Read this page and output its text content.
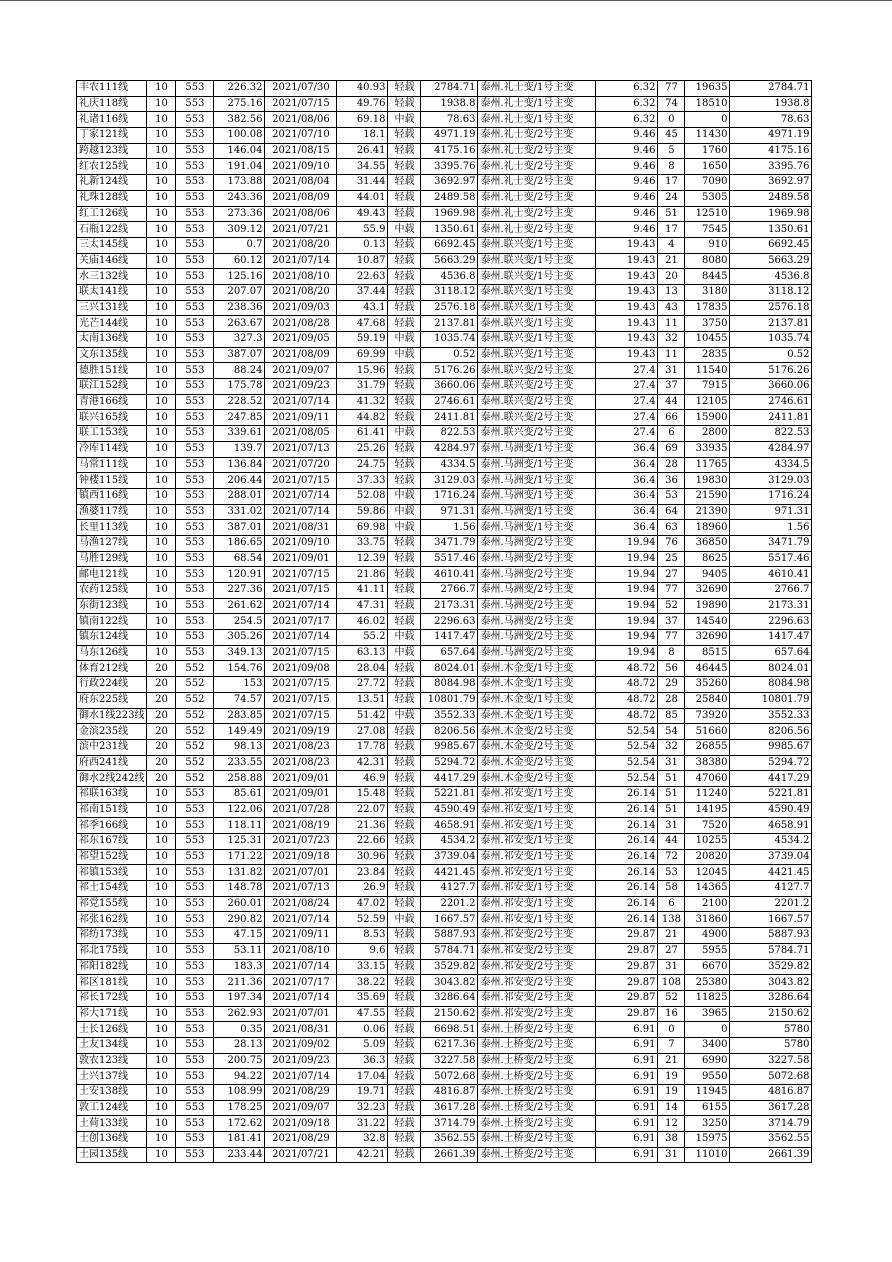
丰农111线	10	553	226.32	2021/07/30	40.93	轻载	2784.71	泰州.礼士变/1号主变	6.32	77	19635	2784.71
礼庆118线	10	553	275.16	2021/07/15	49.76	轻载	1938.8	泰州.礼士变/1号主变	6.32	74	18510	1938.8
礼诸116线	10	553	382.56	2021/08/06	69.18	中载	78.63	泰州.礼士变/1号主变	6.32	0	0	78.63
丁家121线	10	553	100.08	2021/07/10	18.1	轻载	4971.19	泰州.礼士变/2号主变	9.46	45	11430	4971.19
跨越123线	10	553	146.04	2021/08/15	26.41	轻载	4175.16	泰州.礼士变/2号主变	9.46	5	1760	4175.16
红农125线	10	553	191.04	2021/09/10	34.55	轻载	3395.76	泰州.礼士变/2号主变	9.46	8	1650	3395.76
礼新124线	10	553	173.88	2021/08/04	31.44	轻载	3692.97	泰州.礼士变/2号主变	9.46	17	7090	3692.97
礼珠128线	10	553	243.36	2021/08/09	44.01	轻载	2489.58	泰州.礼士变/2号主变	9.46	24	5305	2489.58
红工126线	10	553	273.36	2021/08/06	49.43	轻载	1969.98	泰州.礼士变/2号主变	9.46	51	12510	1969.98
石瓶122线	10	553	309.12	2021/07/21	55.9	中载	1350.61	泰州.礼士变/2号主变	9.46	17	7545	1350.61
三太145线	10	553	0.7	2021/08/20	0.13	轻载	6692.45	泰州.联兴变/1号主变	19.43	4	910	6692.45
关庙146线	10	553	60.12	2021/07/14	10.87	轻载	5663.29	泰州.联兴变/1号主变	19.43	21	8080	5663.29
水三132线	10	553	125.16	2021/08/10	22.63	轻载	4536.8	泰州.联兴变/1号主变	19.43	20	8445	4536.8
联太141线	10	553	207.07	2021/08/20	37.44	轻载	3118.12	泰州.联兴变/1号主变	19.43	13	3180	3118.12
三兴131线	10	553	238.36	2021/09/03	43.1	轻载	2576.18	泰州.联兴变/1号主变	19.43	43	17835	2576.18
光芒144线	10	553	263.67	2021/08/28	47.68	轻载	2137.81	泰州.联兴变/1号主变	19.43	11	3750	2137.81
太南136线	10	553	327.3	2021/09/05	59.19	中载	1035.74	泰州.联兴变/1号主变	19.43	32	10455	1035.74
文东135线	10	553	387.07	2021/08/09	69.99	中载	0.52	泰州.联兴变/1号主变	19.43	11	2835	0.52
德胜151线	10	553	88.24	2021/09/07	15.96	轻载	5176.26	泰州.联兴变/2号主变	27.4	31	11540	5176.26
联江152线	10	553	175.78	2021/09/23	31.79	轻载	3660.06	泰州.联兴变/2号主变	27.4	37	7915	3660.06
青港166线	10	553	228.52	2021/07/14	41.32	轻载	2746.61	泰州.联兴变/2号主变	27.4	44	12105	2746.61
联兴165线	10	553	247.85	2021/09/11	44.82	轻载	2411.81	泰州.联兴变/2号主变	27.4	66	15900	2411.81
联工153线	10	553	339.61	2021/08/05	61.41	中载	822.53	泰州.联兴变/2号主变	27.4	6	2800	822.53
冷库114线	10	553	139.7	2021/07/13	25.26	轻载	4284.97	泰州.马洲变/1号主变	36.4	69	33935	4284.97
马常111线	10	553	136.84	2021/07/20	24.75	轻载	4334.5	泰州.马洲变/1号主变	36.4	28	11765	4334.5
钟楼115线	10	553	206.44	2021/07/15	37.33	轻载	3129.03	泰州.马洲变/1号主变	36.4	36	19830	3129.03
镇西116线	10	553	288.01	2021/07/14	52.08	中载	1716.24	泰州.马洲变/1号主变	36.4	53	21590	1716.24
渔婆117线	10	553	331.02	2021/07/14	59.86	中载	971.31	泰州.马洲变/1号主变	36.4	64	21390	971.31
长里113线	10	553	387.01	2021/08/31	69.98	中载	1.56	泰州.马洲变/1号主变	36.4	63	18960	1.56
马渔127线	10	553	186.65	2021/09/10	33.75	轻载	3471.79	泰州.马洲变/2号主变	19.94	76	36850	3471.79
马胜129线	10	553	68.54	2021/09/01	12.39	轻载	5517.46	泰州.马洲变/2号主变	19.94	25	8625	5517.46
邮电121线	10	553	120.91	2021/07/15	21.86	轻载	4610.41	泰州.马洲变/2号主变	19.94	27	9405	4610.41
农药125线	10	553	227.36	2021/07/15	41.11	轻载	2766.7	泰州.马洲变/2号主变	19.94	77	32690	2766.7
东街123线	10	553	261.62	2021/07/14	47.31	轻载	2173.31	泰州.马洲变/2号主变	19.94	52	19890	2173.31
镇南122线	10	553	254.5	2021/07/17	46.02	轻载	2296.63	泰州.马洲变/2号主变	19.94	37	14540	2296.63
镇东124线	10	553	305.26	2021/07/14	55.2	中载	1417.47	泰州.马洲变/2号主变	19.94	77	32690	1417.47
马东126线	10	553	349.13	2021/07/15	63.13	中载	657.64	泰州.马洲变/2号主变	19.94	8	8515	657.64
体育212线	20	552	154.76	2021/09/08	28.04	轻载	8024.01	泰州.木金变/1号主变	48.72	56	46445	8024.01
行政224线	20	552	153	2021/07/15	27.72	轻载	8084.98	泰州.木金变/1号主变	48.72	29	35260	8084.98
府东225线	20	552	74.57	2021/07/15	13.51	轻载	10801.79	泰州.木金变/1号主变	48.72	28	25840	10801.79
御水1线223线	20	552	283.85	2021/07/15	51.42	中载	3552.33	泰州.木金变/1号主变	48.72	85	73920	3552.33
金滨235线	20	552	149.49	2021/09/19	27.08	轻载	8206.56	泰州.木金变/2号主变	52.54	54	51660	8206.56
滨中231线	20	552	98.13	2021/08/23	17.78	轻载	9985.67	泰州.木金变/2号主变	52.54	32	26855	9985.67
府西241线	20	552	233.55	2021/08/23	42.31	轻载	5294.72	泰州.木金变/2号主变	52.54	31	38380	5294.72
御水2线242线	20	552	258.88	2021/09/01	46.9	轻载	4417.29	泰州.木金变/2号主变	52.54	51	47060	4417.29
祁联163线	10	553	85.61	2021/09/01	15.48	轻载	5221.81	泰州.祁安变/1号主变	26.14	51	11240	5221.81
祁南151线	10	553	122.06	2021/07/28	22.07	轻载	4590.49	泰州.祁安变/1号主变	26.14	51	14195	4590.49
祁季166线	10	553	118.11	2021/08/19	21.36	轻载	4658.91	泰州.祁安变/1号主变	26.14	31	7520	4658.91
祁东167线	10	553	125.31	2021/07/23	22.66	轻载	4534.2	泰州.祁安变/1号主变	26.14	44	10255	4534.2
祁望152线	10	553	171.22	2021/09/18	30.96	轻载	3739.04	泰州.祁安变/1号主变	26.14	72	20820	3739.04
祁镇153线	10	553	131.82	2021/07/01	23.84	轻载	4421.45	泰州.祁安变/1号主变	26.14	53	12045	4421.45
祁土154线	10	553	148.78	2021/07/13	26.9	轻载	4127.7	泰州.祁安变/1号主变	26.14	58	14365	4127.7
祁党155线	10	553	260.01	2021/08/24	47.02	轻载	2201.2	泰州.祁安变/1号主变	26.14	6	2100	2201.2
祁张162线	10	553	290.82	2021/07/14	52.59	中载	1667.57	泰州.祁安变/1号主变	26.14	138	31860	1667.57
祁纺173线	10	553	47.15	2021/09/11	8.53	轻载	5887.93	泰州.祁安变/2号主变	29.87	21	4900	5887.93
祁北175线	10	553	53.11	2021/08/10	9.6	轻载	5784.71	泰州.祁安变/2号主变	29.87	27	5955	5784.71
祁阳182线	10	553	183.3	2021/07/14	33.15	轻载	3529.82	泰州.祁安变/2号主变	29.87	31	6670	3529.82
祁区181线	10	553	211.36	2021/07/17	38.22	轻载	3043.82	泰州.祁安变/2号主变	29.87	108	25380	3043.82
祁长172线	10	553	197.34	2021/07/14	35.69	轻载	3286.64	泰州.祁安变/2号主变	29.87	52	11825	3286.64
祁大171线	10	553	262.93	2021/07/01	47.55	轻载	2150.62	泰州.祁安变/2号主变	29.87	16	3965	2150.62
土长126线	10	553	0.35	2021/08/31	0.06	轻载	6698.51	泰州.土桥变/2号主变	6.91	0	0	5780
土友134线	10	553	28.13	2021/09/02	5.09	轻载	6217.36	泰州.土桥变/2号主变	6.91	7	3400	5780
敦农123线	10	553	200.75	2021/09/23	36.3	轻载	3227.58	泰州.土桥变/2号主变	6.91	21	6990	3227.58
土兴137线	10	553	94.22	2021/07/14	17.04	轻载	5072.68	泰州.土桥变/2号主变	6.91	19	9550	5072.68
土安138线	10	553	108.99	2021/08/29	19.71	轻载	4816.87	泰州.土桥变/2号主变	6.91	19	11945	4816.87
敦工124线	10	553	178.25	2021/09/07	32.23	轻载	3617.28	泰州.土桥变/2号主变	6.91	14	6155	3617.28
土荷133线	10	553	172.62	2021/09/18	31.22	轻载	3714.79	泰州.土桥变/2号主变	6.91	12	3250	3714.79
土创136线	10	553	181.41	2021/08/29	32.8	轻载	3562.55	泰州.土桥变/2号主变	6.91	38	15975	3562.55
土园135线	10	553	233.44	2021/07/21	42.21	轻载	2661.39	泰州.土桥变/2号主变	6.91	31	11010	2661.39
